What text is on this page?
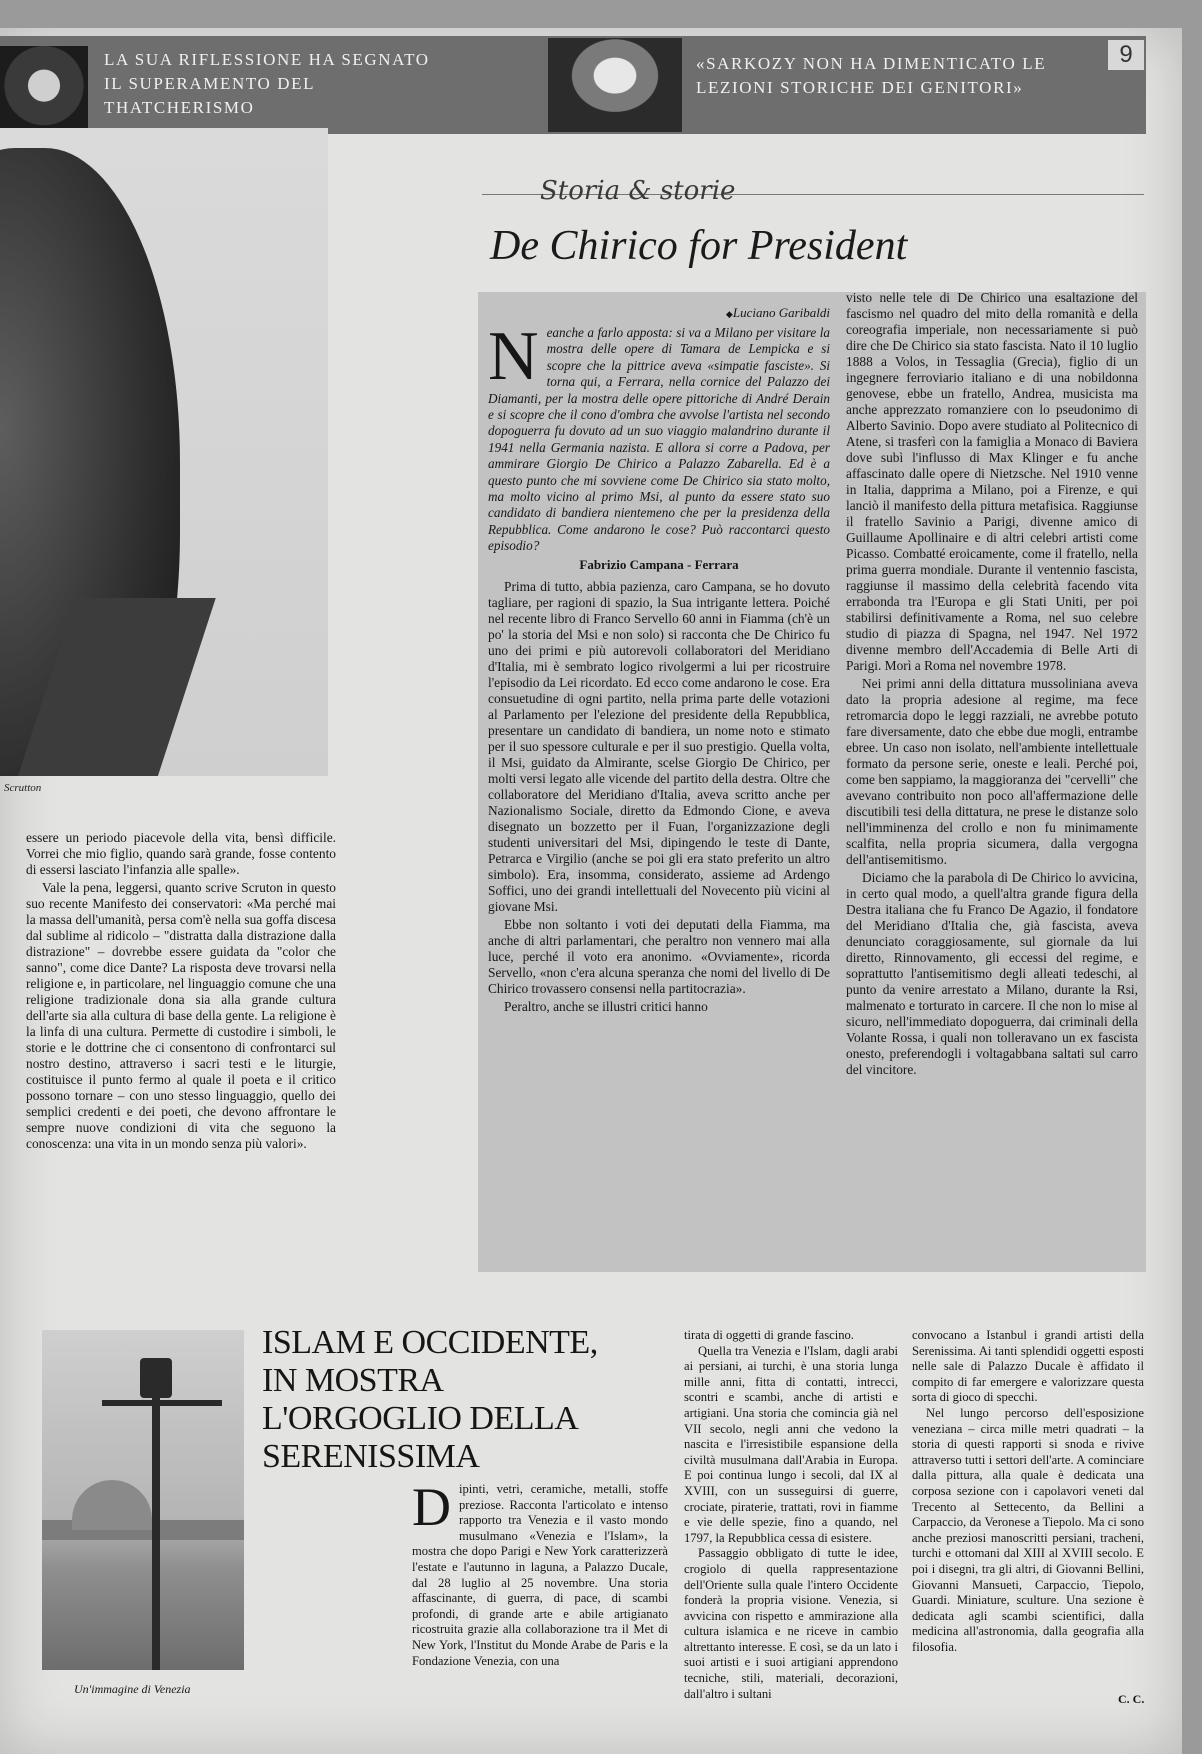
LA SUA RIFLESSIONE HA SEGNATO IL SUPERAMENTO DEL THATCHERISMO
«SARKOZY NON HA DIMENTICATO LE LEZIONI STORICHE DEI GENITORI»
9
Scrutton

essere un periodo piacevole della vita, bensì difficile. Vorrei che mio figlio, quando sarà grande, fosse contento di essersi lasciato l'infanzia alle spalle».

Vale la pena, leggersi, quanto scrive Scruton in questo suo recente Manifesto dei conservatori: «Ma perché mai la massa dell'umanità, persa com'è nella sua goffa discesa dal sublime al ridicolo – "distratta dalla distrazione dalla distrazione" – dovrebbe essere guidata da "color che sanno", come dice Dante? La risposta deve trovarsi nella religione e, in particolare, nel linguaggio comune che una religione tradizionale dona sia alla grande cultura dell'arte sia alla cultura di base della gente. La religione è la linfa di una cultura. Permette di custodire i simboli, le storie e le dottrine che ci consentono di confrontarci sul nostro destino, attraverso i sacri testi e le liturgie, costituisce il punto fermo al quale il poeta e il critico possono tornare – con uno stesso linguaggio, quello dei semplici credenti e dei poeti, che devono affrontare le sempre nuove condizioni di vita che seguono la conoscenza: una vita in un mondo senza più valori».

Storia & storie
De Chirico for President

◆ Luciano Garibaldi

Neanche a farlo apposta: si va a Milano per visitare la mostra delle opere di Tamara de Lempicka e si scopre che la pittrice aveva «simpatie fasciste». Si torna qui, a Ferrara, nella cornice del Palazzo dei Diamanti, per la mostra delle opere pittoriche di André Derain e si scopre che il cono d'ombra che avvolse l'artista nel secondo dopoguerra fu dovuto ad un suo viaggio malandrino durante il 1941 nella Germania nazista. E allora si corre a Padova, per ammirare Giorgio De Chirico a Palazzo Zabarella. Ed è a questo punto che mi sovviene come De Chirico sia stato molto, ma molto vicino al primo Msi, al punto da essere stato suo candidato di bandiera nientemeno che per la presidenza della Repubblica. Come andarono le cose? Può raccontarci questo episodio?

Fabrizio Campana - Ferrara

Prima di tutto, abbia pazienza, caro Campana, se ho dovuto tagliare, per ragioni di spazio, la Sua intrigante lettera. Poiché nel recente libro di Franco Servello 60 anni in Fiamma (ch'è un po' la storia del Msi e non solo) si racconta che De Chirico fu uno dei primi e più autorevoli collaboratori del Meridiano d'Italia, mi è sembrato logico rivolgermi a lui per ricostruire l'episodio da Lei ricordato. Ed ecco come andarono le cose. Era consuetudine di ogni partito, nella prima parte delle votazioni al Parlamento per l'elezione del presidente della Repubblica, presentare un candidato di bandiera, un nome noto e stimato per il suo spessore culturale e per il suo prestigio. Quella volta, il Msi, guidato da Almirante, scelse Giorgio De Chirico, per molti versi legato alle vicende del partito della destra. Oltre che collaboratore del Meridiano d'Italia, aveva scritto anche per Nazionalismo Sociale, diretto da Edmondo Cione, e aveva disegnato un bozzetto per il Fuan, l'organizzazione degli studenti universitari del Msi, dipingendo le teste di Dante, Petrarca e Virgilio (anche se poi gli era stato preferito un altro simbolo). Era, insomma, considerato, assieme ad Ardengo Soffici, uno dei grandi intellettuali del Novecento più vicini al giovane Msi.

Ebbe non soltanto i voti dei deputati della Fiamma, ma anche di altri parlamentari, che peraltro non vennero mai alla luce, perché il voto era anonimo. «Ovviamente», ricorda Servello, «non c'era alcuna speranza che nomi del livello di De Chirico trovassero consensi nella partitocrazia».

Peraltro, anche se illustri critici hanno

visto nelle tele di De Chirico una esaltazione del fascismo nel quadro del mito della romanità e della coreografia imperiale, non necessariamente si può dire che De Chirico sia stato fascista. Nato il 10 luglio 1888 a Volos, in Tessaglia (Grecia), figlio di un ingegnere ferroviario italiano e di una nobildonna genovese, ebbe un fratello, Andrea, musicista ma anche apprezzato romanziere con lo pseudonimo di Alberto Savinio. Dopo avere studiato al Politecnico di Atene, si trasferì con la famiglia a Monaco di Baviera dove subì l'influsso di Max Klinger e fu anche affascinato dalle opere di Nietzsche. Nel 1910 venne in Italia, dapprima a Milano, poi a Firenze, e qui lanciò il manifesto della pittura metafisica. Raggiunse il fratello Savinio a Parigi, divenne amico di Guillaume Apollinaire e di altri celebri artisti come Picasso. Combatté eroicamente, come il fratello, nella prima guerra mondiale. Durante il ventennio fascista, raggiunse il massimo della celebrità facendo vita errabonda tra l'Europa e gli Stati Uniti, per poi stabilirsi definitivamente a Roma, nel suo celebre studio di piazza di Spagna, nel 1947. Nel 1972 divenne membro dell'Accademia di Belle Arti di Parigi. Morì a Roma nel novembre 1978.

Nei primi anni della dittatura mussoliniana aveva dato la propria adesione al regime, ma fece retromarcia dopo le leggi razziali, ne avrebbe potuto fare diversamente, dato che ebbe due mogli, entrambe ebree. Un caso non isolato, nell'ambiente intellettuale formato da persone serie, oneste e leali. Perché poi, come ben sappiamo, la maggioranza dei "cervelli" che avevano contribuito non poco all'affermazione delle discutibili tesi della dittatura, ne prese le distanze solo nell'imminenza del crollo e non fu minimamente scalfita, nella propria sicumera, dalla vergogna dell'antisemitismo.

Diciamo che la parabola di De Chirico lo avvicina, in certo qual modo, a quell'altra grande figura della Destra italiana che fu Franco De Agazio, il fondatore del Meridiano d'Italia che, già fascista, aveva denunciato coraggiosamente, sul giornale da lui diretto, Rinnovamento, gli eccessi del regime, e soprattutto l'antisemitismo degli alleati tedeschi, al punto da venire arrestato a Milano, durante la Rsi, malmenato e torturato in carcere. Il che non lo mise al sicuro, nell'immediato dopoguerra, dai criminali della Volante Rossa, i quali non tolleravano un ex fascista onesto, preferendogli i voltagabbana saltati sul carro del vincitore.

Un'immagine di Venezia
ISLAM E OCCIDENTE, IN MOSTRA L'ORGOGLIO DELLA SERENISSIMA
Dipinti, vetri, ceramiche, metalli, stoffe preziose. Racconta l'articolato e intenso rapporto tra Venezia e il vasto mondo musulmano «Venezia e l'Islam», la mostra che dopo Parigi e New York caratterizzerà l'estate e l'autunno in laguna, a Palazzo Ducale, dal 28 luglio al 25 novembre. Una storia affascinante, di guerra, di pace, di scambi profondi, di grande arte e abile artigianato ricostruita grazie alla collaborazione tra il Met di New York, l'Institut du Monde Arabe de Paris e la Fondazione Venezia, con una
tirata di oggetti di grande fascino.
Quella tra Venezia e l'Islam, dagli arabi ai persiani, ai turchi, è una storia lunga mille anni, fitta di contatti, intrecci, scontri e scambi, anche di artisti e artigiani. Una storia che comincia già nel VII secolo, negli anni che vedono la nascita e l'irresistibile espansione della civiltà musulmana dall'Arabia in Europa. E poi continua lungo i secoli, dal IX al XVIII, con un susseguirsi di guerre, crociate, piraterie, trattati, rovi in fiamme e vie delle spezie, fino a quando, nel 1797, la Repubblica cessa di esistere.
Passaggio obbligato di tutte le idee, crogiolo di quella rappresentazione dell'Oriente sulla quale l'intero Occidente fonderà la propria visione. Venezia, si avvicina con rispetto e ammirazione alla cultura islamica e ne riceve in cambio altrettanto interesse. E così, se da un lato i suoi artisti e i suoi artigiani apprendono tecniche, stili, materiali, decorazioni, dall'altro i sultani
convocano a Istanbul i grandi artisti della Serenissima. Ai tanti splendidi oggetti esposti nelle sale di Palazzo Ducale è affidato il compito di far emergere e valorizzare questa sorta di gioco di specchi.
Nel lungo percorso dell'esposizione veneziana – circa mille metri quadrati – la storia di questi rapporti si snoda e rivive attraverso tutti i settori dell'arte. A cominciare dalla pittura, alla quale è dedicata una corposa sezione con i capolavori veneti dal Trecento al Settecento, da Bellini a Carpaccio, da Veronese a Tiepolo. Ma ci sono anche preziosi manoscritti persiani, tracheni, turchi e ottomani dal XIII al XVIII secolo. E poi i disegni, tra gli altri, di Giovanni Bellini, Giovanni Mansueti, Carpaccio, Tiepolo, Guardi. Miniature, sculture. Una sezione è dedicata agli scambi scientifici, dalla medicina all'astronomia, dalla geografia alla filosofia.
C. C.
